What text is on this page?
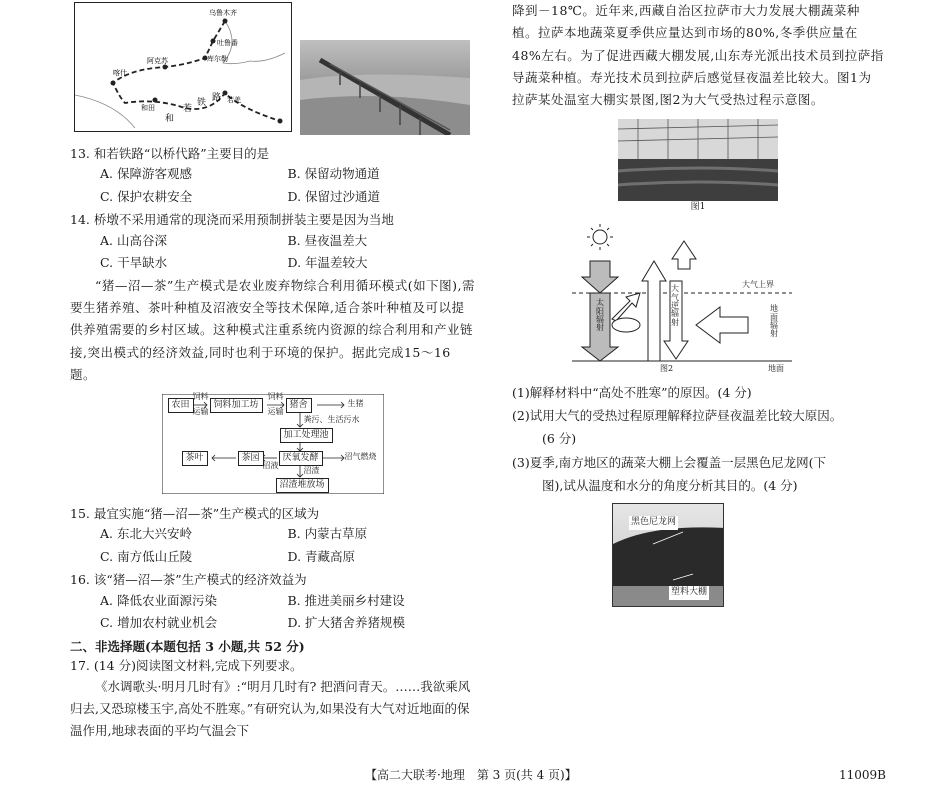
乌鲁木齐
吐鲁番
库尔勒
阿克苏
喀什
和田
若羌
和
若
铁 路
13. 和若铁路“以桥代路”主要目的是
A. 保障游客观感	B. 保留动物通道
C. 保护农耕安全	D. 保留过沙通道
14. 桥墩不采用通常的现浇而采用预制拼装主要是因为当地
A. 山高谷深	B. 昼夜温差大
C. 干旱缺水	D. 年温差较大
“猪—沼—茶”生产模式是农业废弃物综合利用循环模式(如下图),需要生猪养殖、茶叶种植及沼液安全等技术保障,适合茶叶种植及可以提供养殖需要的乡村区域。这种模式注重系统内资源的综合利用和产业链接,突出模式的经济效益,同时也利于环境的保护。据此完成15～16题。
农田	饲料加工坊	猪舍
加工处理池
茶叶	茶园	厌氧发酵
沼渣堆放场
饲料
运输
饲料
运输
生猪
粪污、生活污水
沼气燃烧
沼液
沼渣
15. 最宜实施“猪—沼—茶”生产模式的区域为
A. 东北大兴安岭	B. 内蒙古草原
C. 南方低山丘陵	D. 青藏高原
16. 该“猪—沼—茶”生产模式的经济效益为
A. 降低农业面源污染	B. 推进美丽乡村建设
C. 增加农村就业机会	D. 扩大猪舍养猪规模
二、非选择题(本题包括 3 小题,共 52 分)
17. (14 分)阅读图文材料,完成下列要求。
《水调歌头·明月几时有》:“明月几时有? 把酒问青天。……我欲乘风归去,又恐琼楼玉宇,高处不胜寒。”有研究认为,如果没有大气对近地面的保温作用,地球表面的平均气温会下
降到－18℃。近年来,西藏自治区拉萨市大力发展大棚蔬菜种植。拉萨本地蔬菜夏季供应量达到市场的80%,冬季供应量在48%左右。为了促进西藏大棚发展,山东寿光派出技术员到拉萨指导蔬菜种植。寿光技术员到拉萨后感觉昼夜温差比较大。图1为拉萨某处温室大棚实景图,图2为大气受热过程示意图。
图1
太阳辐射
大气逆辐射
地面辐射
大气上界
图2	地面
(1)解释材料中“高处不胜寒”的原因。(4 分)
(2)试用大气的受热过程原理解释拉萨昼夜温差比较大原因。
(6 分)
(3)夏季,南方地区的蔬菜大棚上会覆盖一层黑色尼龙网(下
图),试从温度和水分的角度分析其目的。(4 分)
黑色尼龙网
塑料大棚
【高二大联考·地理　第 3 页(共 4 页)】	11009B
